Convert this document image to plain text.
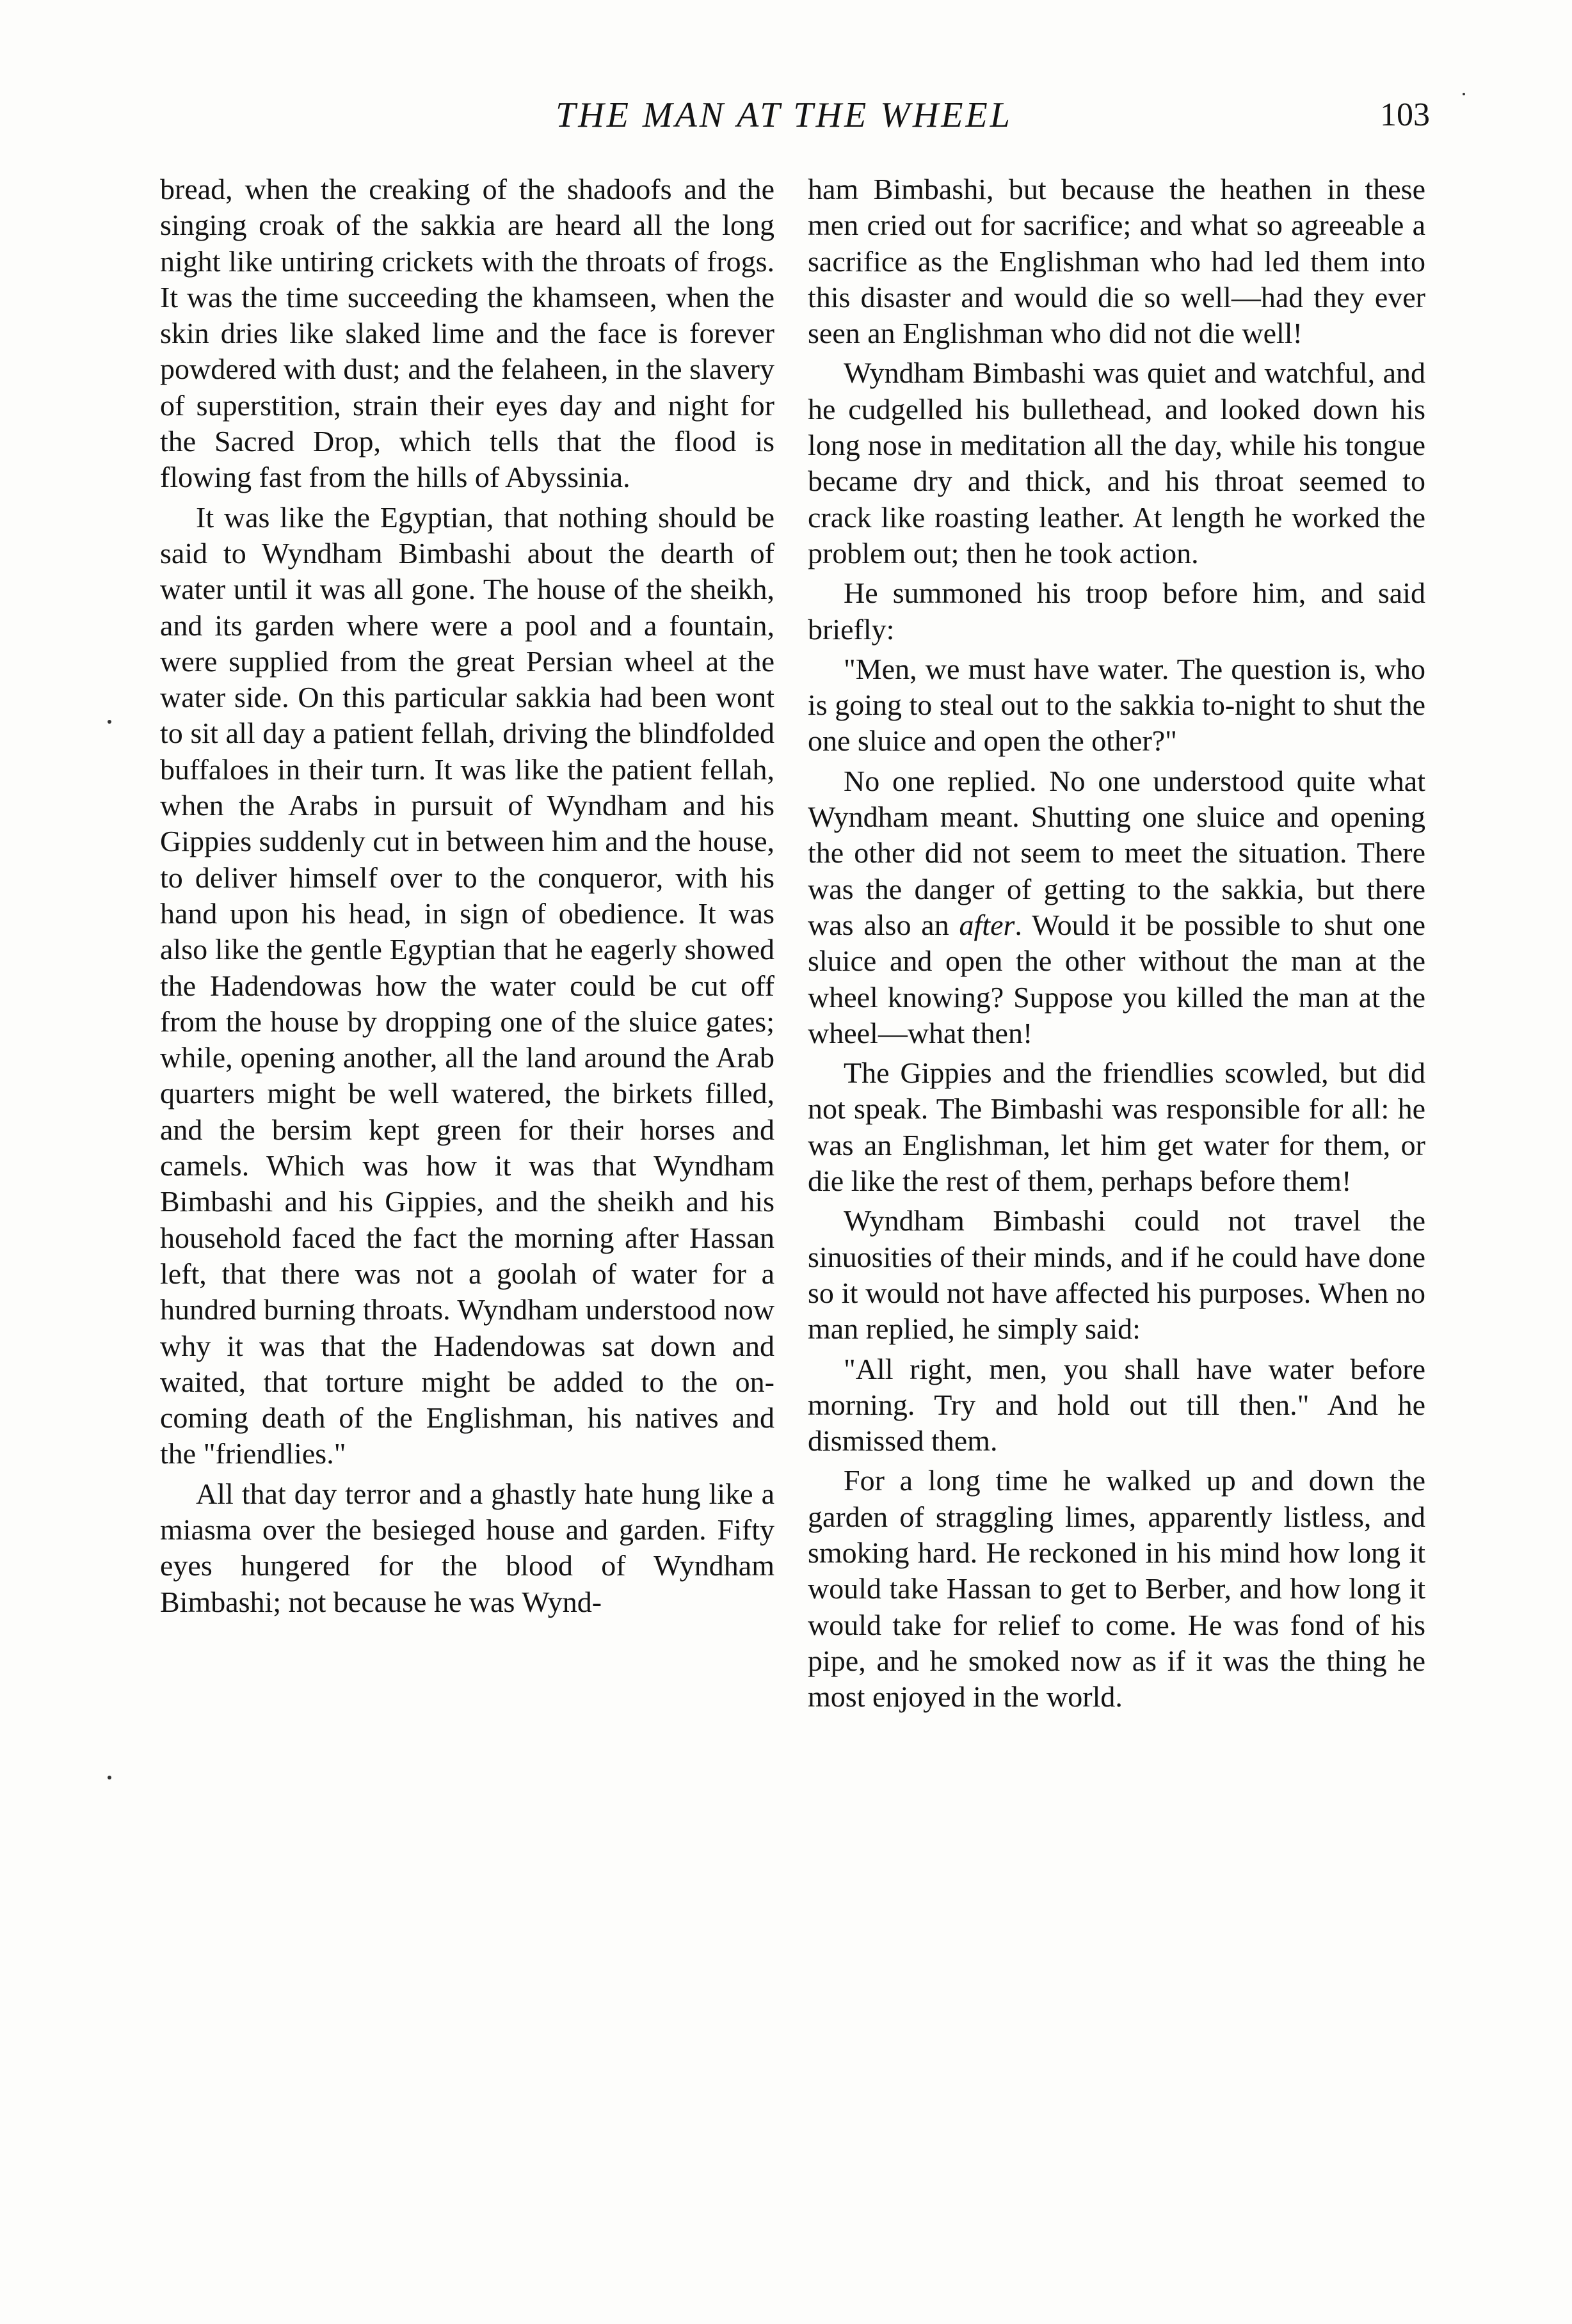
THE MAN AT THE WHEEL	103

bread, when the creaking of the shadoofs and the singing croak of the sakkia are heard all the long night like untiring crickets with the throats of frogs. It was the time succeeding the khamseen, when the skin dries like slaked lime and the face is forever powdered with dust; and the felaheen, in the slavery of superstition, strain their eyes day and night for the Sacred Drop, which tells that the flood is flowing fast from the hills of Abyssinia.

It was like the Egyptian, that nothing should be said to Wyndham Bimbashi about the dearth of water until it was all gone. The house of the sheikh, and its garden where were a pool and a fountain, were supplied from the great Persian wheel at the water side. On this particular sakkia had been wont to sit all day a patient fellah, driving the blindfolded buffaloes in their turn. It was like the patient fellah, when the Arabs in pursuit of Wyndham and his Gippies suddenly cut in between him and the house, to deliver himself over to the conqueror, with his hand upon his head, in sign of obedience. It was also like the gentle Egyptian that he eagerly showed the Hadendowas how the water could be cut off from the house by dropping one of the sluice gates; while, opening another, all the land around the Arab quarters might be well watered, the birkets filled, and the bersim kept green for their horses and camels. Which was how it was that Wyndham Bimbashi and his Gippies, and the sheikh and his household faced the fact the morning after Hassan left, that there was not a goolah of water for a hundred burning throats. Wyndham understood now why it was that the Hadendowas sat down and waited, that torture might be added to the on-coming death of the Englishman, his natives and the "friendlies."

All that day terror and a ghastly hate hung like a miasma over the besieged house and garden. Fifty eyes hungered for the blood of Wyndham Bimbashi; not because he was Wynd-

ham Bimbashi, but because the heathen in these men cried out for sacrifice; and what so agreeable a sacrifice as the Englishman who had led them into this disaster and would die so well—had they ever seen an Englishman who did not die well!

Wyndham Bimbashi was quiet and watchful, and he cudgelled his bullethead, and looked down his long nose in meditation all the day, while his tongue became dry and thick, and his throat seemed to crack like roasting leather. At length he worked the problem out; then he took action.

He summoned his troop before him, and said briefly:

"Men, we must have water. The question is, who is going to steal out to the sakkia to-night to shut the one sluice and open the other?"

No one replied. No one understood quite what Wyndham meant. Shutting one sluice and opening the other did not seem to meet the situation. There was the danger of getting to the sakkia, but there was also an after. Would it be possible to shut one sluice and open the other without the man at the wheel knowing? Suppose you killed the man at the wheel—what then!

The Gippies and the friendlies scowled, but did not speak. The Bimbashi was responsible for all: he was an Englishman, let him get water for them, or die like the rest of them, perhaps before them!

Wyndham Bimbashi could not travel the sinuosities of their minds, and if he could have done so it would not have affected his purposes. When no man replied, he simply said:

"All right, men, you shall have water before morning. Try and hold out till then." And he dismissed them.

For a long time he walked up and down the garden of straggling limes, apparently listless, and smoking hard. He reckoned in his mind how long it would take Hassan to get to Berber, and how long it would take for relief to come. He was fond of his pipe, and he smoked now as if it was the thing he most enjoyed in the world.
